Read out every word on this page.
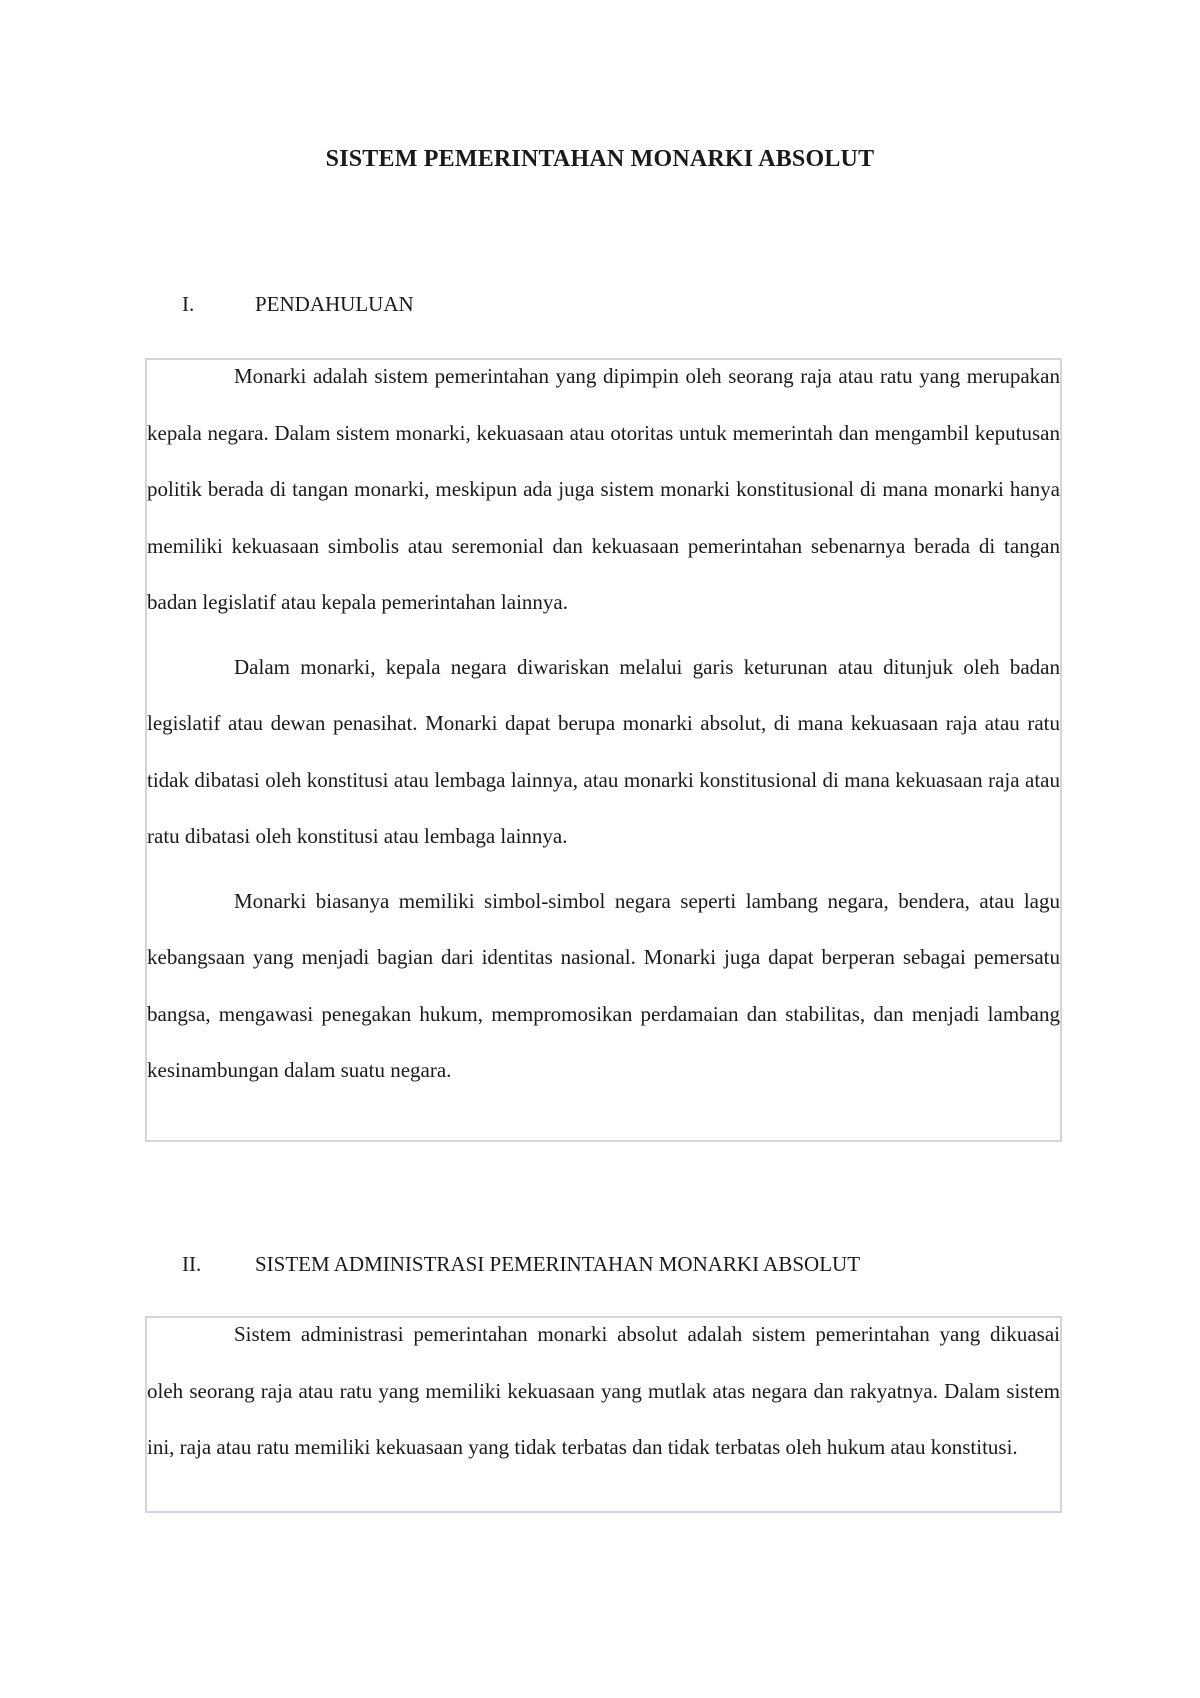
SISTEM PEMERINTAHAN MONARKI ABSOLUT
I.	PENDAHULUAN

Monarki adalah sistem pemerintahan yang dipimpin oleh seorang raja atau ratu yang merupakan kepala negara. Dalam sistem monarki, kekuasaan atau otoritas untuk memerintah dan mengambil keputusan politik berada di tangan monarki, meskipun ada juga sistem monarki konstitusional di mana monarki hanya memiliki kekuasaan simbolis atau seremonial dan kekuasaan pemerintahan sebenarnya berada di tangan badan legislatif atau kepala pemerintahan lainnya.

Dalam monarki, kepala negara diwariskan melalui garis keturunan atau ditunjuk oleh badan legislatif atau dewan penasihat. Monarki dapat berupa monarki absolut, di mana kekuasaan raja atau ratu tidak dibatasi oleh konstitusi atau lembaga lainnya, atau monarki konstitusional di mana kekuasaan raja atau ratu dibatasi oleh konstitusi atau lembaga lainnya.

Monarki biasanya memiliki simbol-simbol negara seperti lambang negara, bendera, atau lagu kebangsaan yang menjadi bagian dari identitas nasional. Monarki juga dapat berperan sebagai pemersatu bangsa, mengawasi penegakan hukum, mempromosikan perdamaian dan stabilitas, dan menjadi lambang kesinambungan dalam suatu negara.

II.	SISTEM ADMINISTRASI PEMERINTAHAN MONARKI ABSOLUT

Sistem administrasi pemerintahan monarki absolut adalah sistem pemerintahan yang dikuasai oleh seorang raja atau ratu yang memiliki kekuasaan yang mutlak atas negara dan rakyatnya. Dalam sistem ini, raja atau ratu memiliki kekuasaan yang tidak terbatas dan tidak terbatas oleh hukum atau konstitusi.
